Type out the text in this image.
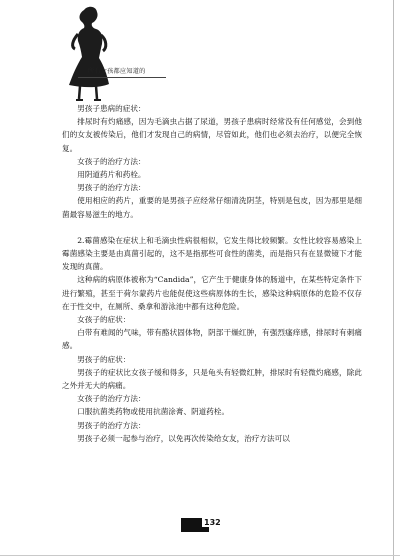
所有女孩都应知道的

男孩子患病的症状：

排尿时有灼痛感，因为毛滴虫占据了尿道，男孩子患病时经常没有任何感觉，会到他们的女友被传染后，他们才发现自己的病情，尽管如此，他们也必须去治疗，以便完全恢复。

女孩子的治疗方法：

用阴道药片和药栓。

男孩子的治疗方法：

使用相应的药片，重要的是男孩子应经常仔细清洗阴茎，特别是包皮，因为那里是细菌最容易滋生的地方。

2.霉菌感染在症状上和毛滴虫性病很相似，它发生得比较频繁。女性比较容易感染上霉菌感染主要是由真菌引起的，这不是指那些可食性的菌类，而是指只有在显微镜下才能发现的真菌。

这种病的病原体被称为“Candida”，它产生于健康身体的肠道中，在某些特定条件下进行繁殖，甚至于荷尔蒙药片也能促使这些病原体的生长，感染这种病原体的危险不仅存在于性交中，在厕所、桑拿和游泳池中都有这种危险。

女孩子的症状：

白带有难闻的气味，带有酪状固体物，阴部干燥红肿，有强烈瘙痒感，排尿时有刺痛感。

男孩子的症状：

男孩子的症状比女孩子缓和得多，只是龟头有轻微红肿，排尿时有轻微灼痛感，除此之外并无大的病痛。

女孩子的治疗方法：

口服抗菌类药物或使用抗菌涂膏、阴道药栓。

男孩子的治疗方法：

男孩子必须一起参与治疗，以免再次传染给女友，治疗方法可以

132
